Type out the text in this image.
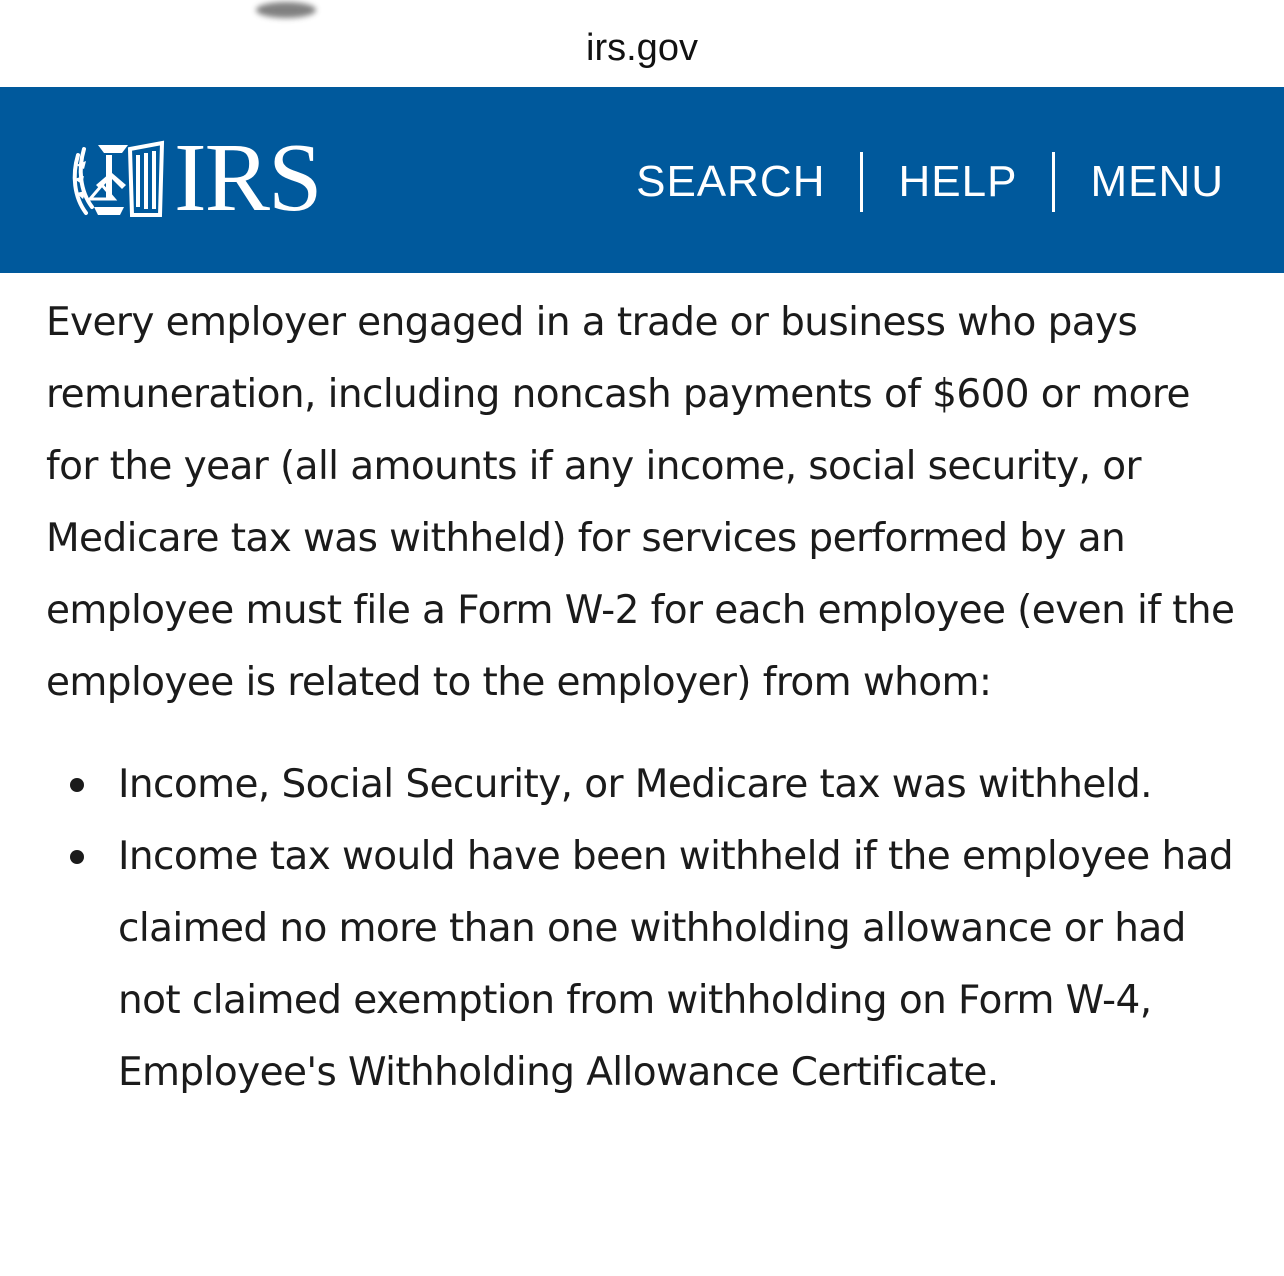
irs.gov
IRS	SEARCH HELP MENU

Every employer engaged in a trade or business who pays remuneration, including noncash payments of $600 or more for the year (all amounts if any income, social security, or Medicare tax was withheld) for services performed by an employee must file a Form W-2 for each employee (even if the employee is related to the employer) from whom:

Income, Social Security, or Medicare tax was withheld.
Income tax would have been withheld if the employee had claimed no more than one withholding allowance or had not claimed exemption from withholding on Form W-4, Employee's Withholding Allowance Certificate.
